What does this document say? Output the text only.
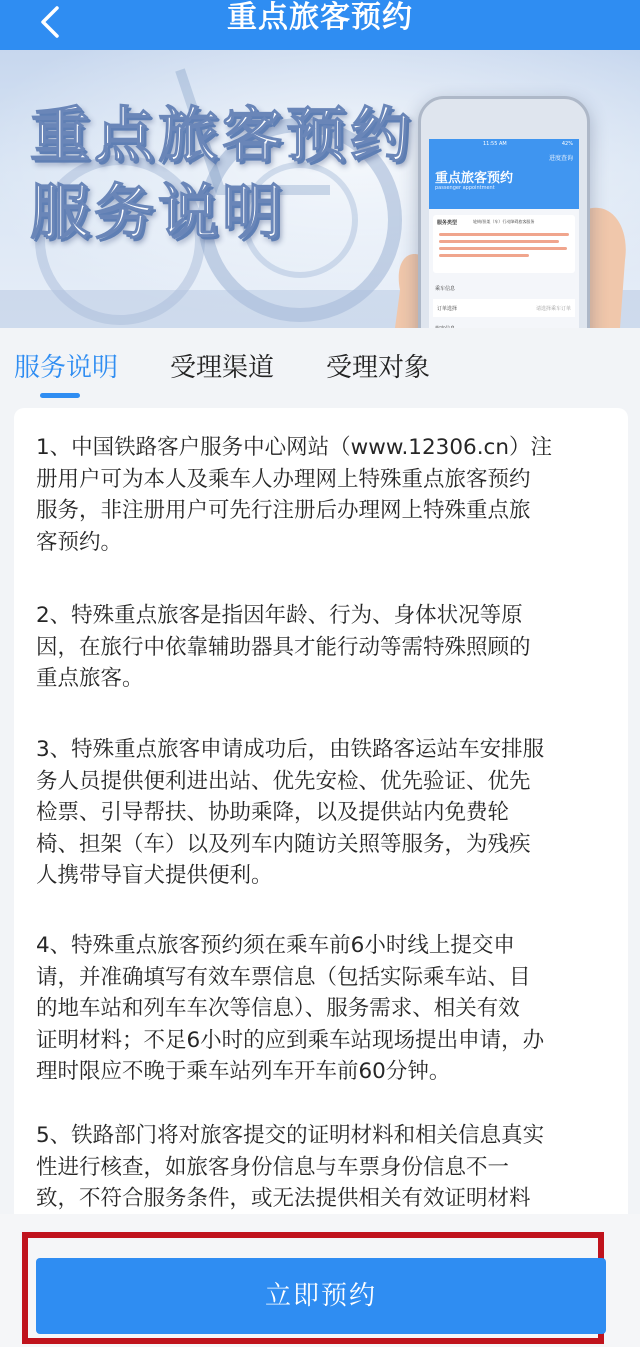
重点旅客预约
重点旅客预约
服务说明
11:55 AM	42%
进度查询
重点旅客预约
passenger appointment
服务类型	轮椅/担架（车）行动障碍旅客服务
乘车信息
订单选择	请选择乘车订单
服务说明 受理渠道 受理对象
1、中国铁路客户服务中心网站（www.12306.cn）注
册用户可为本人及乘车人办理网上特殊重点旅客预约
服务，非注册用户可先行注册后办理网上特殊重点旅
客预约。
2、特殊重点旅客是指因年龄、行为、身体状况等原
因，在旅行中依靠辅助器具才能行动等需特殊照顾的
重点旅客。
3、特殊重点旅客申请成功后，由铁路客运站车安排服
务人员提供便利进出站、优先安检、优先验证、优先
检票、引导帮扶、协助乘降，以及提供站内免费轮
椅、担架（车）以及列车内随访关照等服务，为残疾
人携带导盲犬提供便利。
4、特殊重点旅客预约须在乘车前6小时线上提交申
请，并准确填写有效车票信息（包括实际乘车站、目
的地车站和列车车次等信息）、服务需求、相关有效
证明材料；不足6小时的应到乘车站现场提出申请，办
理时限应不晚于乘车站列车开车前60分钟。
5、铁路部门将对旅客提交的证明材料和相关信息真实
性进行核查，如旅客身份信息与车票身份信息不一
致，不符合服务条件，或无法提供相关有效证明材料
立即预约
